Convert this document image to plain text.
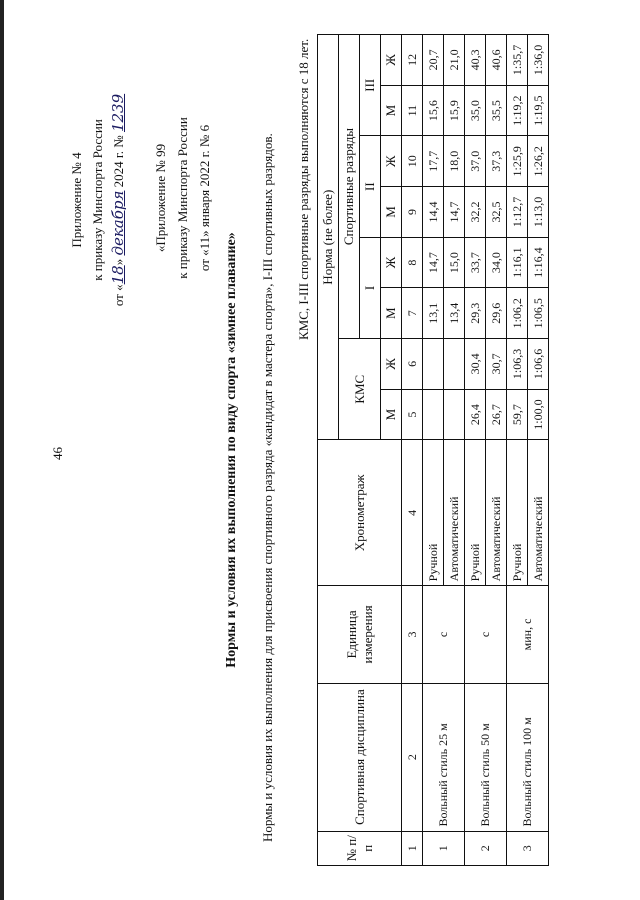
46
Приложение № 4 к приказу Минспорта России
от «18» декабря 2024 г. № 1239
«Приложение № 99 к приказу Минспорта России от «11» января 2022 г. № 6
Нормы и условия их выполнения по виду спорта «зимнее плавание» Нормы и условия их выполнения для присвоения спортивного разряда «кандидат в мастера спорта», I-III спортивных разрядов. КМС, I-III спортивные разряды выполняются с 18 лет.
№ п/п	Спортивная дисциплина	Единица измерения	Хронометраж	Норма (не более)							
				КМС		Спортивные разряды					
						I		II		III	
				М	Ж	М	Ж	М	Ж	М	Ж
1	2	3	4	5	6	7	8	9	10	11	12
1	Вольный стиль 25 м	с	Ручной			13,1	14,7	14,4	17,7	15,6	20,7
			Автоматический			13,4	15,0	14,7	18,0	15,9	21,0
2	Вольный стиль 50 м	с	Ручной	26,4	30,4	29,3	33,7	32,2	37,0	35,0	40,3
			Автоматический	26,7	30,7	29,6	34,0	32,5	37,3	35,5	40,6
3	Вольный стиль 100 м	мин, с	Ручной	59,7	1:06,3	1:06,2	1:16,1	1:12,7	1:25,9	1:19,2	1:35,7
			Автоматический	1:00,0	1:06,6	1:06,5	1:16,4	1:13,0	1:26,2	1:19,5	1:36,0
